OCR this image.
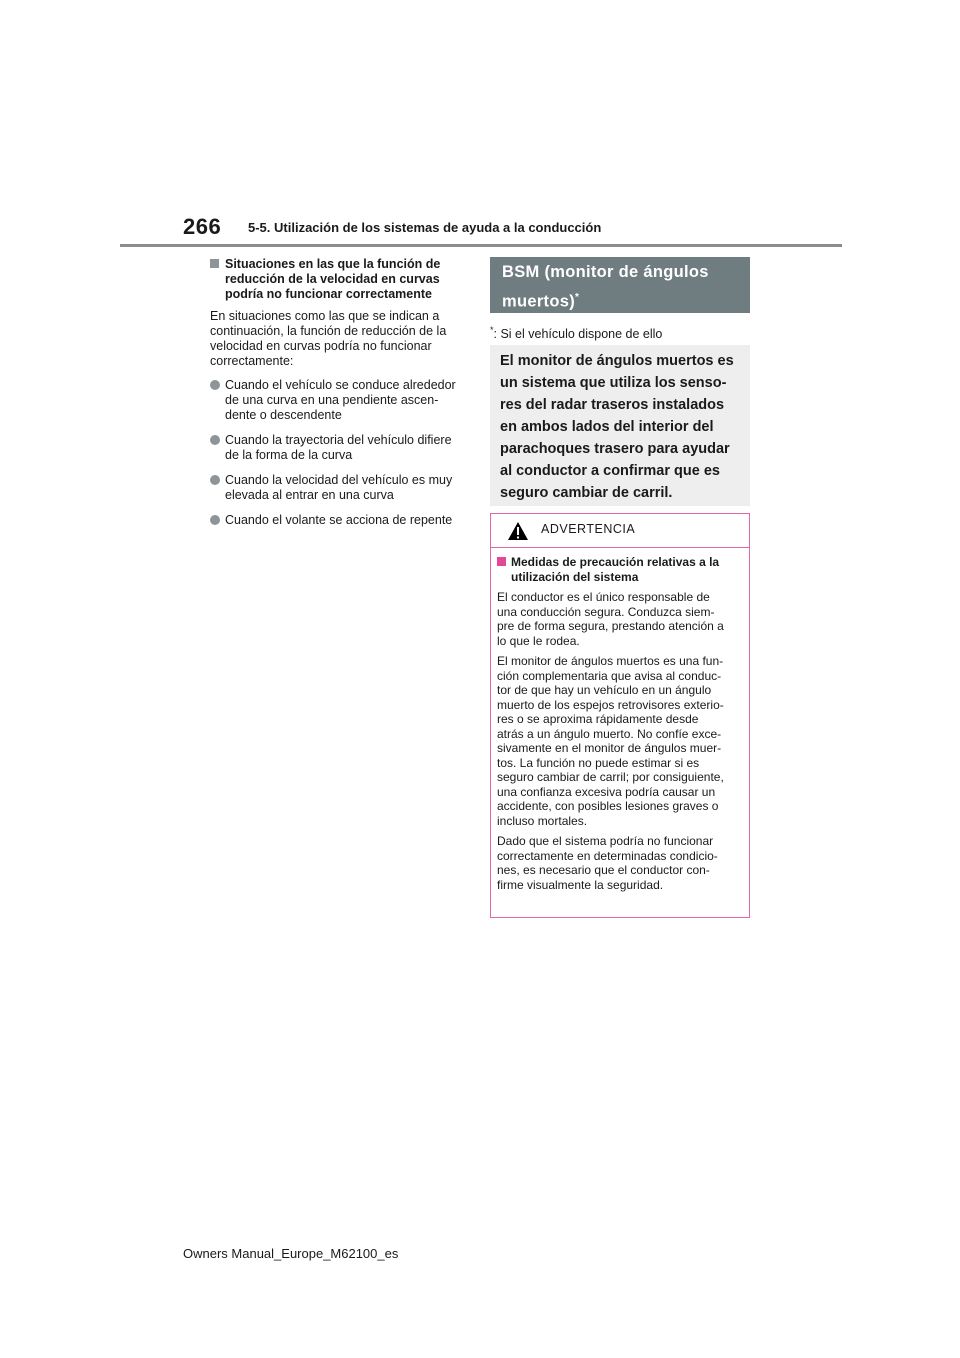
266 5-5. Utilización de los sistemas de ayuda a la conducción
Situaciones en las que la función de
reducción de la velocidad en curvas
podría no funcionar correctamente
En situaciones como las que se indican a
continuación, la función de reducción de la
velocidad en curvas podría no funcionar
correctamente:
Cuando el vehículo se conduce alrededor
de una curva en una pendiente ascen-
dente o descendente
Cuando la trayectoria del vehículo difiere
de la forma de la curva
Cuando la velocidad del vehículo es muy
elevada al entrar en una curva
Cuando el volante se acciona de repente
BSM (monitor de ángulos
muertos)*
*: Si el vehículo dispone de ello
El monitor de ángulos muertos es
un sistema que utiliza los senso-
res del radar traseros instalados
en ambos lados del interior del
parachoques trasero para ayudar
al conductor a confirmar que es
seguro cambiar de carril.
ADVERTENCIA
Medidas de precaución relativas a la
utilización del sistema
El conductor es el único responsable de
una conducción segura. Conduzca siem-
pre de forma segura, prestando atención a
lo que le rodea.
El monitor de ángulos muertos es una fun-
ción complementaria que avisa al conduc-
tor de que hay un vehículo en un ángulo
muerto de los espejos retrovisores exterio-
res o se aproxima rápidamente desde
atrás a un ángulo muerto. No confíe exce-
sivamente en el monitor de ángulos muer-
tos. La función no puede estimar si es
seguro cambiar de carril; por consiguiente,
una confianza excesiva podría causar un
accidente, con posibles lesiones graves o
incluso mortales.
Dado que el sistema podría no funcionar
correctamente en determinadas condicio-
nes, es necesario que el conductor con-
firme visualmente la seguridad.
Owners Manual_Europe_M62100_es
